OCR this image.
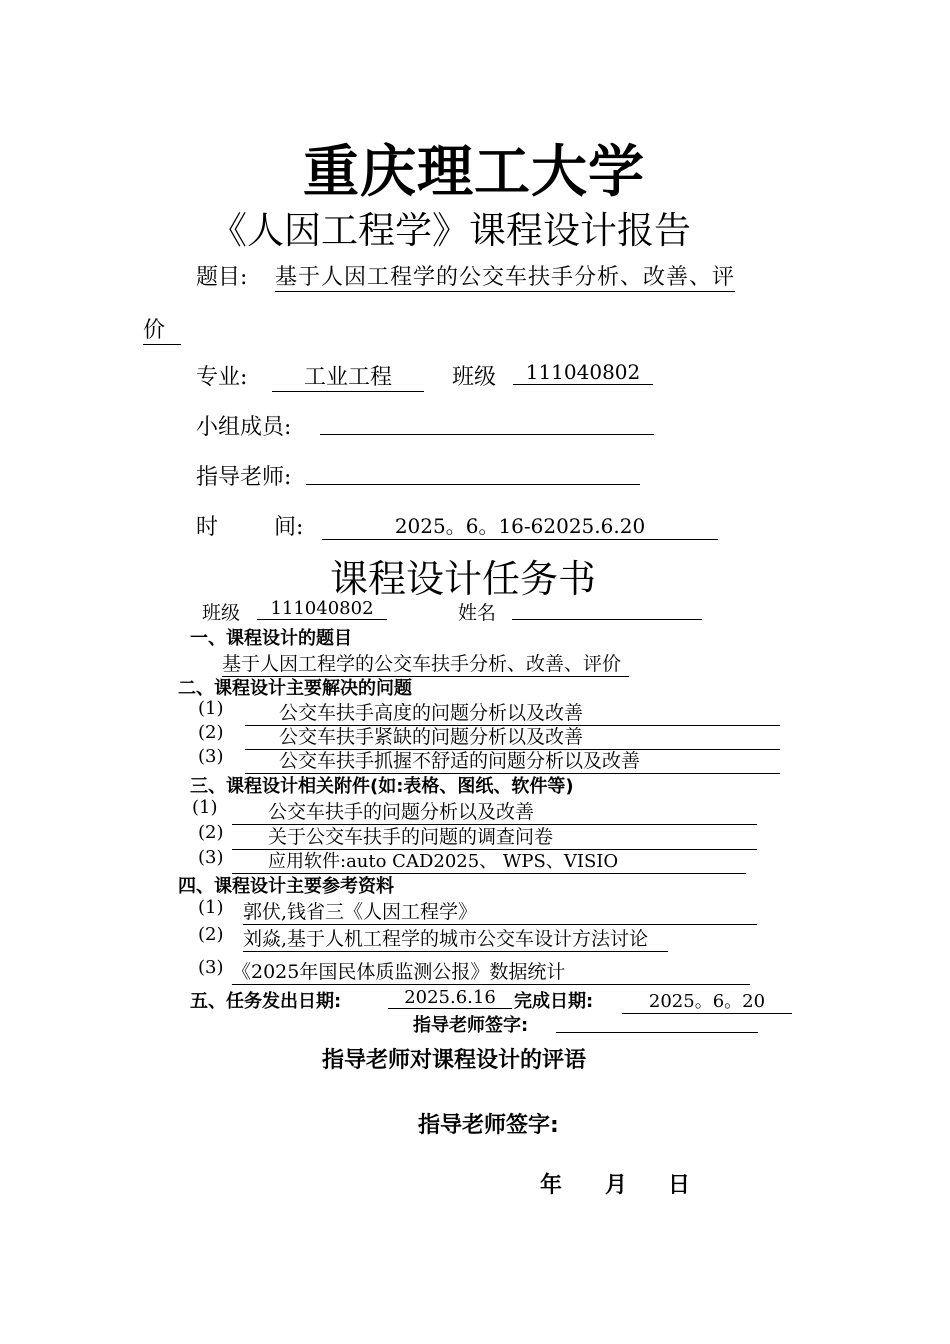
重庆理工大学
《人因工程学》课程设计报告
题目: 基于人因工程学的公交车扶手分析、改善、评
价
专业:	工业工程	班级	111040802
小组成员:
指导老师:
时	间:	2025。6。16-62025.6.20
课程设计任务书
班级	111040802	姓名
一、课程设计的题目
基于人因工程学的公交车扶手分析、改善、评价
二、课程设计主要解决的问题
(1)	公交车扶手高度的问题分析以及改善
(2)	公交车扶手紧缺的问题分析以及改善
(3)	公交车扶手抓握不舒适的问题分析以及改善
三、课程设计相关附件(如:表格、图纸、软件等)
(1)	公交车扶手的问题分析以及改善
(2)	关于公交车扶手的问题的调查问卷
(3)	应用软件:auto CAD2025、 WPS、VISIO
四、课程设计主要参考资料
(1) 郭伏,钱省三《人因工程学》
(2) 刘焱,基于人机工程学的城市公交车设计方法讨论
(3) 《2025年国民体质监测公报》数据统计
五、任务发出日期:	2025.6.16	完成日期:	2025。6。20
指导老师签字:
指导老师对课程设计的评语
指导老师签字:
年 月 日
